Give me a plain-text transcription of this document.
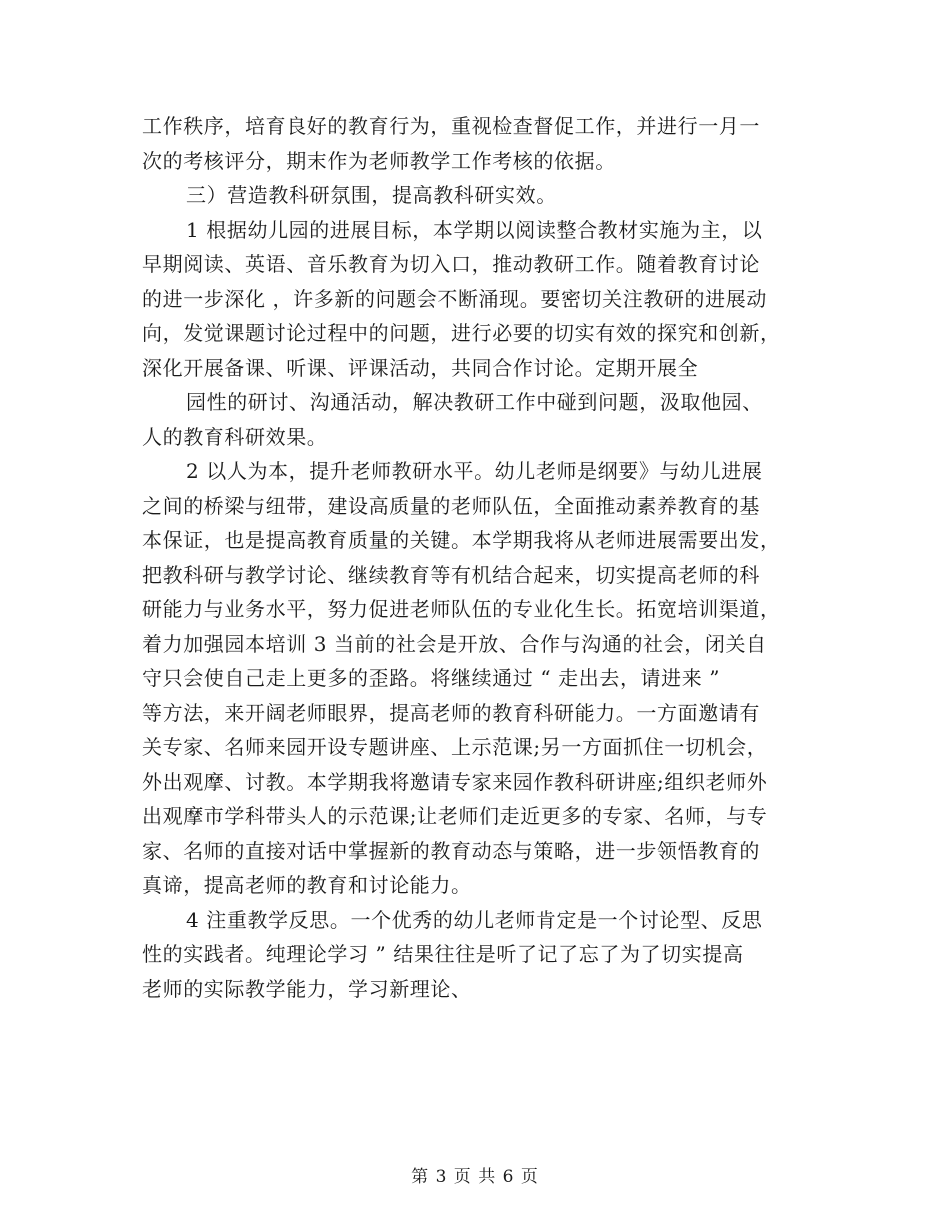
工作秩序，培育良好的教育行为，重视检查督促工作，并进行一月一

次的考核评分，期末作为老师教学工作考核的依据。

三）营造教科研氛围，提高教科研实效。

1 根据幼儿园的进展目标，本学期以阅读整合教材实施为主，以

早期阅读、英语、音乐教育为切入口，推动教研工作。随着教育讨论

的进一步深化 ，许多新的问题会不断涌现。要密切关注教研的进展动

向，发觉课题讨论过程中的问题，进行必要的切实有效的探究和创新，

深化开展备课、听课、评课活动，共同合作讨论。定期开展全

园性的研讨、沟通活动，解决教研工作中碰到问题，汲取他园、

人的教育科研效果。

2 以人为本，提升老师教研水平。幼儿老师是纲要》与幼儿进展

之间的桥梁与纽带，建设高质量的老师队伍，全面推动素养教育的基

本保证，也是提高教育质量的关键。本学期我将从老师进展需要出发，

把教科研与教学讨论、继续教育等有机结合起来，切实提高老师的科

研能力与业务水平，努力促进老师队伍的专业化生长。拓宽培训渠道，

着力加强园本培训 3 当前的社会是开放、合作与沟通的社会，闭关自

守只会使自己走上更多的歪路。将继续通过 “ 走出去，请进来 ”

等方法，来开阔老师眼界，提高老师的教育科研能力。一方面邀请有

关专家、名师来园开设专题讲座、上示范课;另一方面抓住一切机会，

外出观摩、讨教。本学期我将邀请专家来园作教科研讲座;组织老师外

出观摩市学科带头人的示范课;让老师们走近更多的专家、名师，与专

家、名师的直接对话中掌握新的教育动态与策略，进一步领悟教育的

真谛，提高老师的教育和讨论能力。

4 注重教学反思。一个优秀的幼儿老师肯定是一个讨论型、反思

性的实践者。纯理论学习 ” 结果往往是听了记了忘了为了切实提高

老师的实际教学能力，学习新理论、

第 3 页 共 6 页
